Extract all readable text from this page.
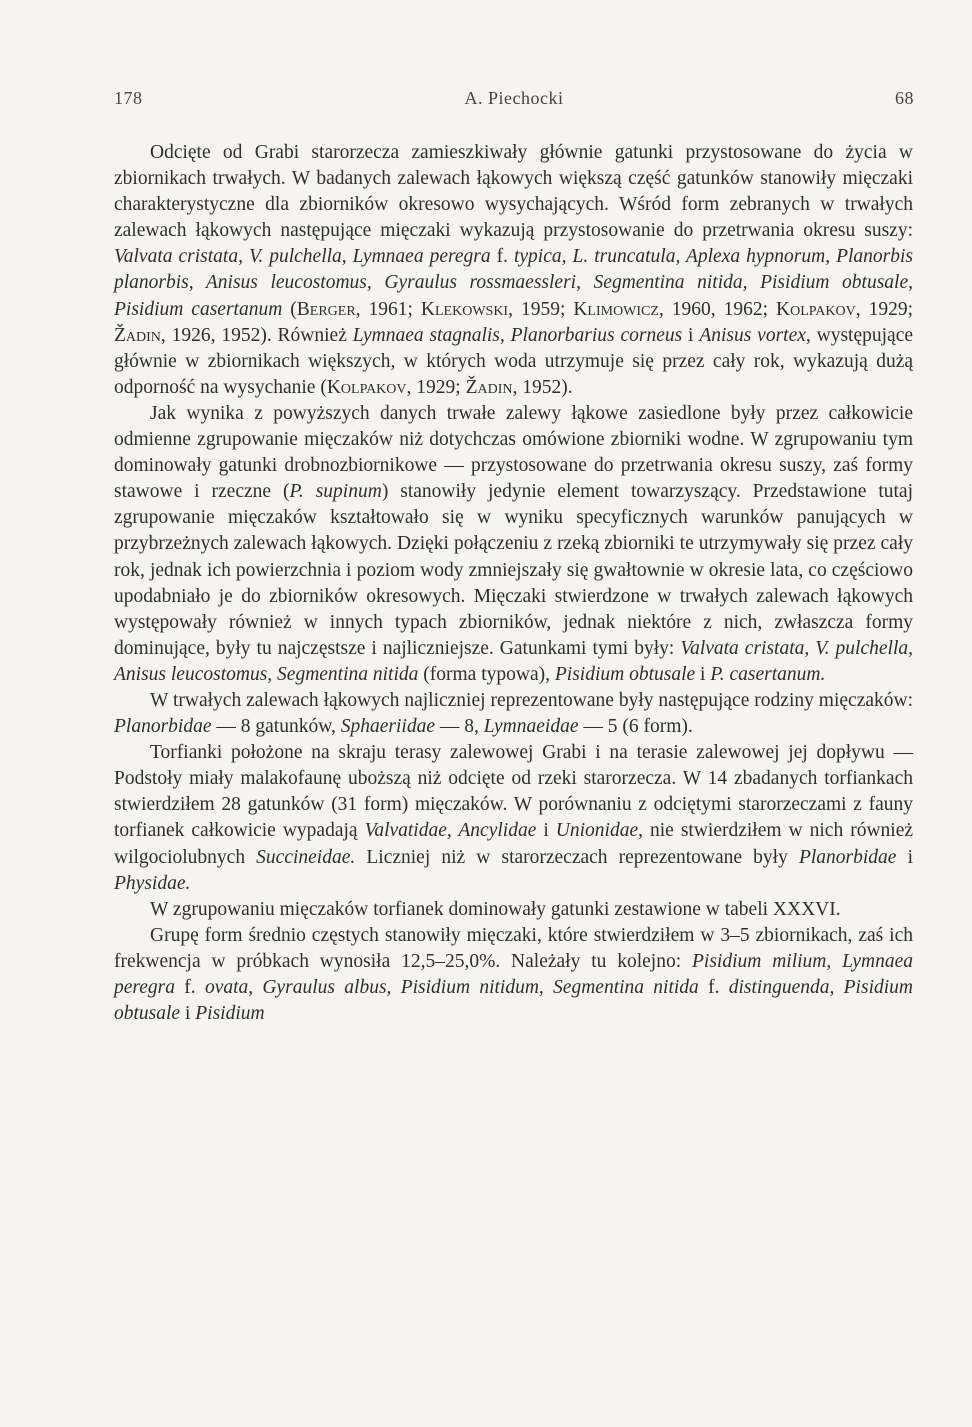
178	A. Piechocki	68

Odcięte od Grabi starorzecza zamieszkiwały głównie gatunki przystosowane do życia w zbiornikach trwałych. W badanych zalewach łąkowych większą część gatunków stanowiły mięczaki charakterystyczne dla zbiorników okresowo wysychających. Wśród form zebranych w trwałych zalewach łąkowych następujące mięczaki wykazują przystosowanie do przetrwania okresu suszy: Valvata cristata, V. pulchella, Lymnaea peregra f. typica, L. truncatula, Aplexa hypnorum, Planorbis planorbis, Anisus leucostomus, Gyraulus rossmaessleri, Segmentina nitida, Pisidium obtusale, Pisidium casertanum (Berger, 1961; Klekowski, 1959; Klimowicz, 1960, 1962; Kolpakov, 1929; Žadin, 1926, 1952). Również Lymnaea stagnalis, Planorbarius corneus i Anisus vortex, występujące głównie w zbiornikach większych, w których woda utrzymuje się przez cały rok, wykazują dużą odporność na wysychanie (Kolpakov, 1929; Žadin, 1952).

Jak wynika z powyższych danych trwałe zalewy łąkowe zasiedlone były przez całkowicie odmienne zgrupowanie mięczaków niż dotychczas omówione zbiorniki wodne. W zgrupowaniu tym dominowały gatunki drobnozbiornikowe — przystosowane do przetrwania okresu suszy, zaś formy stawowe i rzeczne (P. supinum) stanowiły jedynie element towarzyszący. Przedstawione tutaj zgrupowanie mięczaków kształtowało się w wyniku specyficznych warunków panujących w przybrzeżnych zalewach łąkowych. Dzięki połączeniu z rzeką zbiorniki te utrzymywały się przez cały rok, jednak ich powierzchnia i poziom wody zmniejszały się gwałtownie w okresie lata, co częściowo upodabniało je do zbiorników okresowych. Mięczaki stwierdzone w trwałych zalewach łąkowych występowały również w innych typach zbiorników, jednak niektóre z nich, zwłaszcza formy dominujące, były tu najczęstsze i najliczniejsze. Gatunkami tymi były: Valvata cristata, V. pulchella, Anisus leucostomus, Segmentina nitida (forma typowa), Pisidium obtusale i P. casertanum.

W trwałych zalewach łąkowych najliczniej reprezentowane były następujące rodziny mięczaków: Planorbidae — 8 gatunków, Sphaeriidae — 8, Lymnaeidae — 5 (6 form).

Torfianki położone na skraju terasy zalewowej Grabi i na terasie zalewowej jej dopływu — Podstoły miały malakofaunę uboższą niż odcięte od rzeki starorzecza. W 14 zbadanych torfiankach stwierdziłem 28 gatunków (31 form) mięczaków. W porównaniu z odciętymi starorzeczami z fauny torfianek całkowicie wypadają Valvatidae, Ancylidae i Unionidae, nie stwierdziłem w nich również wilgociolubnych Succineidae. Liczniej niż w starorzeczach reprezentowane były Planorbidae i Physidae.

W zgrupowaniu mięczaków torfianek dominowały gatunki zestawione w tabeli XXXVI.

Grupę form średnio częstych stanowiły mięczaki, które stwierdziłem w 3–5 zbiornikach, zaś ich frekwencja w próbkach wynosiła 12,5–25,0%. Należały tu kolejno: Pisidium milium, Lymnaea peregra f. ovata, Gyraulus albus, Pisidium nitidum, Segmentina nitida f. distinguenda, Pisidium obtusale i Pisidium
